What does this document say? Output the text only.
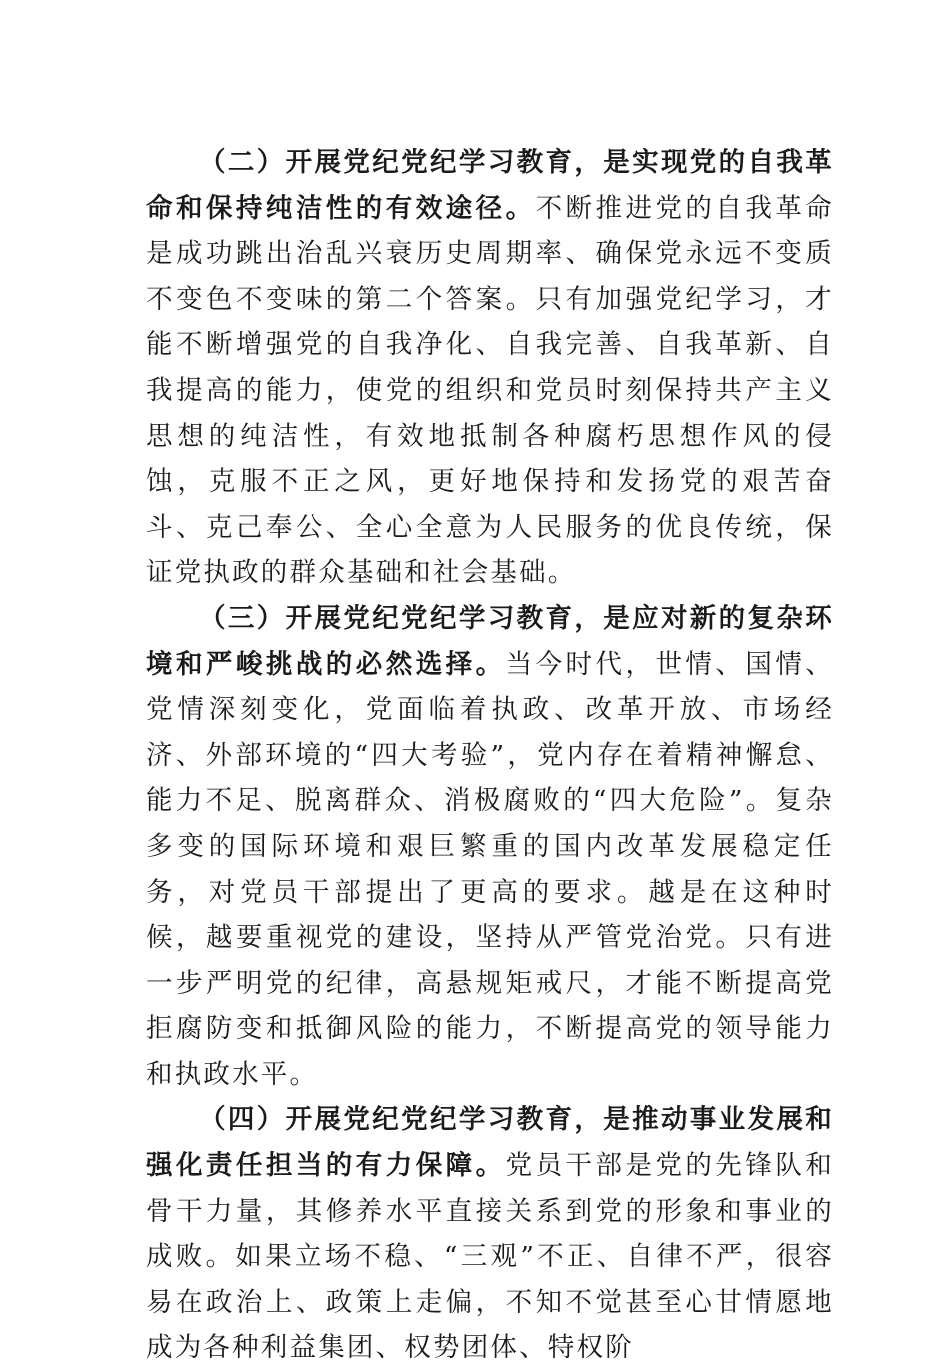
（二）开展党纪党纪学习教育，是实现党的自我革命和保持纯洁性的有效途径。不断推进党的自我革命是成功跳出治乱兴衰历史周期率、确保党永远不变质不变色不变味的第二个答案。只有加强党纪学习，才能不断增强党的自我净化、自我完善、自我革新、自我提高的能力，使党的组织和党员时刻保持共产主义思想的纯洁性，有效地抵制各种腐朽思想作风的侵蚀，克服不正之风，更好地保持和发扬党的艰苦奋斗、克己奉公、全心全意为人民服务的优良传统，保证党执政的群众基础和社会基础。

（三）开展党纪党纪学习教育，是应对新的复杂环境和严峻挑战的必然选择。当今时代，世情、国情、党情深刻变化，党面临着执政、改革开放、市场经济、外部环境的“四大考验”，党内存在着精神懈怠、能力不足、脱离群众、消极腐败的“四大危险”。复杂多变的国际环境和艰巨繁重的国内改革发展稳定任务，对党员干部提出了更高的要求。越是在这种时候，越要重视党的建设，坚持从严管党治党。只有进一步严明党的纪律，高悬规矩戒尺，才能不断提高党拒腐防变和抵御风险的能力，不断提高党的领导能力和执政水平。

（四）开展党纪党纪学习教育，是推动事业发展和强化责任担当的有力保障。党员干部是党的先锋队和骨干力量，其修养水平直接关系到党的形象和事业的成败。如果立场不稳、“三观”不正、自律不严，很容易在政治上、政策上走偏，不知不觉甚至心甘情愿地成为各种利益集团、权势团体、特权阶
